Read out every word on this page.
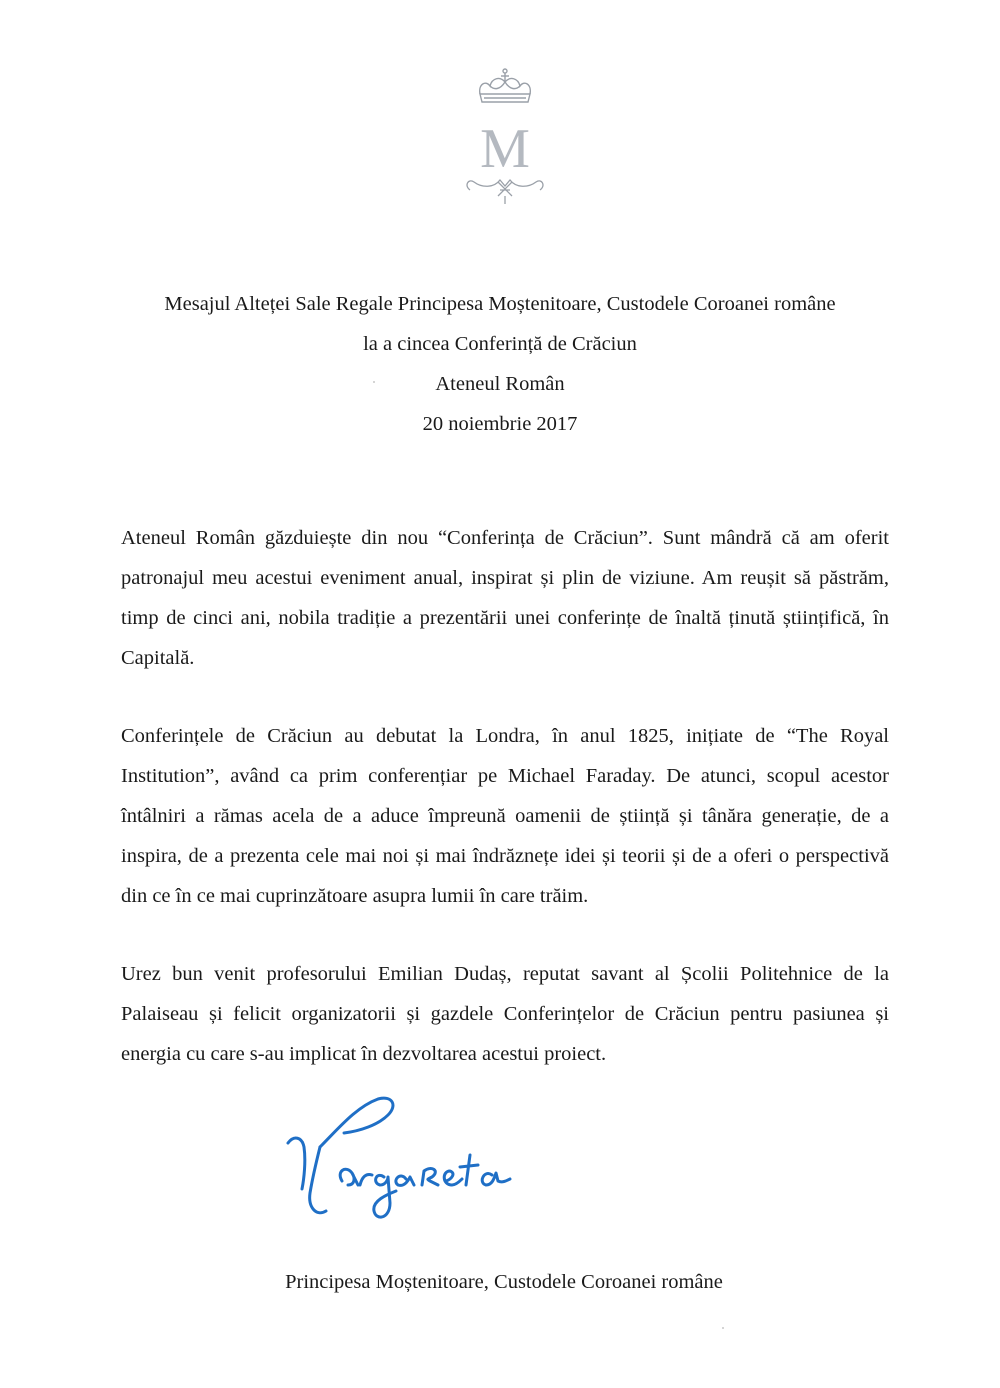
M
Mesajul Alteței Sale Regale Principesa Moștenitoare, Custodele Coroanei române
la a cincea Conferință de Crăciun
Ateneul Român
20 noiembrie 2017
Ateneul Român găzduiește din nou “Conferința de Crăciun”. Sunt mândră că am oferit patronajul meu acestui eveniment anual, inspirat și plin de viziune. Am reușit să păstrăm, timp de cinci ani, nobila tradiție a prezentării unei conferințe de înaltă ținută științifică, în Capitală.
Conferințele de Crăciun au debutat la Londra, în anul 1825, inițiate de “The Royal Institution”, având ca prim conferențiar pe Michael Faraday. De atunci, scopul acestor întâlniri a rămas acela de a aduce împreună oamenii de știință și tânăra generație, de a inspira, de a prezenta cele mai noi și mai îndrăznețe idei și teorii și de a oferi o perspectivă din ce în ce mai cuprinzătoare asupra lumii în care trăim.
Urez bun venit profesorului Emilian Dudaș, reputat savant al Școlii Politehnice de la Palaiseau și felicit organizatorii și gazdele Conferințelor de Crăciun pentru pasiunea și energia cu care s-au implicat în dezvoltarea acestui proiect.
Principesa Moștenitoare, Custodele Coroanei române
